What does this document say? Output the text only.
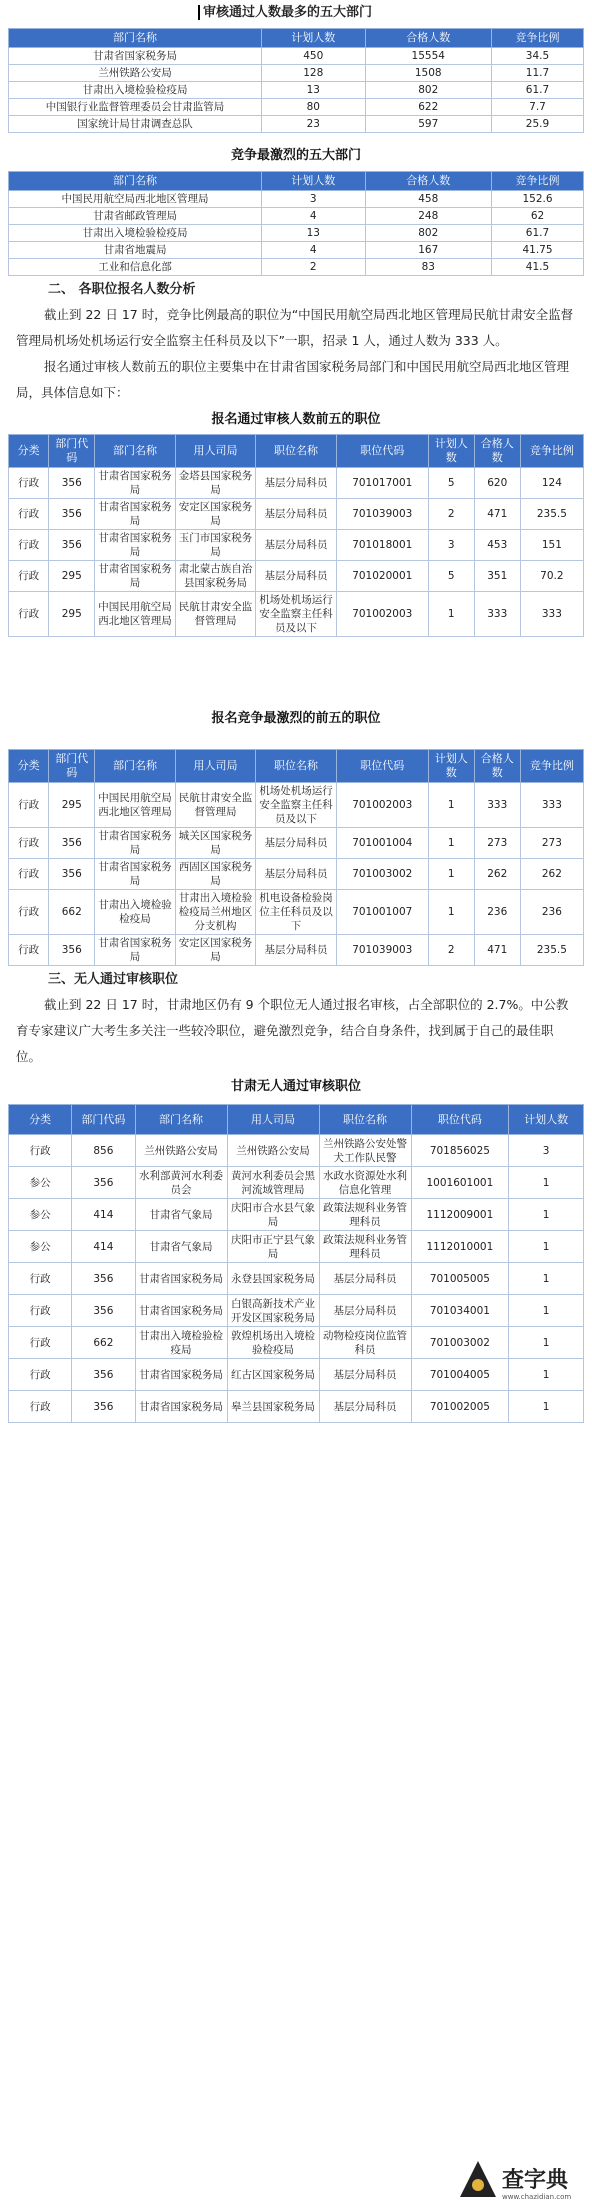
审核通过人数最多的五大部门
部门名称	计划人数	合格人数	竞争比例
甘肃省国家税务局	450	15554	34.5
兰州铁路公安局	128	1508	11.7
甘肃出入境检验检疫局	13	802	61.7
中国银行业监督管理委员会甘肃监管局	80	622	7.7
国家统计局甘肃调查总队	23	597	25.9
竞争最激烈的五大部门
部门名称	计划人数	合格人数	竞争比例
中国民用航空局西北地区管理局	3	458	152.6
甘肃省邮政管理局	4	248	62
甘肃出入境检验检疫局	13	802	61.7
甘肃省地震局	4	167	41.75
工业和信息化部	2	83	41.5
二、 各职位报名人数分析

截止到 22 日 17 时，竞争比例最高的职位为“中国民用航空局西北地区管理局民航甘肃安全监督管理局机场处机场运行安全监察主任科员及以下”一职，招录 1 人，通过人数为 333 人。

报名通过审核人数前五的职位主要集中在甘肃省国家税务局部门和中国民用航空局西北地区管理局，具体信息如下：

报名通过审核人数前五的职位
分类	部门代码	部门名称	用人司局	职位名称	职位代码	计划人数	合格人数	竞争比例
行政	356	甘肃省国家税务局	金塔县国家税务局	基层分局科员	701017001	5	620	124
行政	356	甘肃省国家税务局	安定区国家税务局	基层分局科员	701039003	2	471	235.5
行政	356	甘肃省国家税务局	玉门市国家税务局	基层分局科员	701018001	3	453	151
行政	295	甘肃省国家税务局	肃北蒙古族自治县国家税务局	基层分局科员	701020001	5	351	70.2
行政	295	中国民用航空局西北地区管理局	民航甘肃安全监督管理局	机场处机场运行安全监察主任科员及以下	701002003	1	333	333
报名竞争最激烈的前五的职位
分类	部门代码	部门名称	用人司局	职位名称	职位代码	计划人数	合格人数	竞争比例
行政	295	中国民用航空局西北地区管理局	民航甘肃安全监督管理局	机场处机场运行安全监察主任科员及以下	701002003	1	333	333
行政	356	甘肃省国家税务局	城关区国家税务局	基层分局科员	701001004	1	273	273
行政	356	甘肃省国家税务局	西固区国家税务局	基层分局科员	701003002	1	262	262
行政	662	甘肃出入境检验检疫局	甘肃出入境检验检疫局兰州地区分支机构	机电设备检验岗位主任科员及以下	701001007	1	236	236
行政	356	甘肃省国家税务局	安定区国家税务局	基层分局科员	701039003	2	471	235.5
三、无人通过审核职位

截止到 22 日 17 时，甘肃地区仍有 9 个职位无人通过报名审核，占全部职位的 2.7%。中公教育专家建议广大考生多关注一些较冷职位，避免激烈竞争，结合自身条件，找到属于自己的最佳职位。

甘肃无人通过审核职位
分类	部门代码	部门名称	用人司局	职位名称	职位代码	计划人数
行政	856	兰州铁路公安局	兰州铁路公安局	兰州铁路公安处警犬工作队民警	701856025	3
参公	356	水利部黄河水利委员会	黄河水利委员会黑河流域管理局	水政水资源处水利信息化管理	1001601001	1
参公	414	甘肃省气象局	庆阳市合水县气象局	政策法规科业务管理科员	1112009001	1
参公	414	甘肃省气象局	庆阳市正宁县气象局	政策法规科业务管理科员	1112010001	1
行政	356	甘肃省国家税务局	永登县国家税务局	基层分局科员	701005005	1
行政	356	甘肃省国家税务局	白银高新技术产业开发区国家税务局	基层分局科员	701034001	1
行政	662	甘肃出入境检验检疫局	敦煌机场出入境检验检疫局	动物检疫岗位监管科员	701003002	1
行政	356	甘肃省国家税务局	红古区国家税务局	基层分局科员	701004005	1
行政	356	甘肃省国家税务局	皋兰县国家税务局	基层分局科员	701002005	1
查字典
www.chazidian.com
